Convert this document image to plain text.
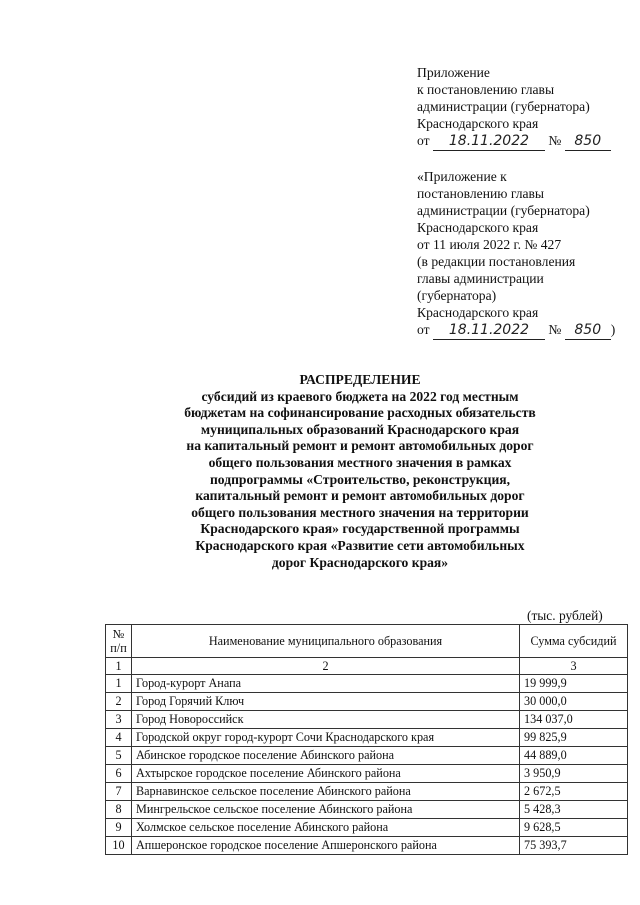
Приложение
к постановлению главы
администрации (губернатора)
Краснодарского края
от 18.11.2022 № 850
«Приложение к
постановлению главы
администрации (губернатора)
Краснодарского края
от 11 июля 2022 г. № 427
(в редакции постановления
главы администрации
(губернатора)
Краснодарского края
от 18.11.2022 № 850 )
РАСПРЕДЕЛЕНИЕ
субсидий из краевого бюджета на 2022 год местным
бюджетам на софинансирование расходных обязательств
муниципальных образований Краснодарского края
на капитальный ремонт и ремонт автомобильных дорог
общего пользования местного значения в рамках
подпрограммы «Строительство, реконструкция,
капитальный ремонт и ремонт автомобильных дорог
общего пользования местного значения на территории
Краснодарского края» государственной программы
Краснодарского края «Развитие сети автомобильных
дорог Краснодарского края»
(тыс. рублей)
№
п/п	Наименование муниципального образования	Сумма субсидий
1	2	3
1	Город-курорт Анапа	19 999,9
2	Город Горячий Ключ	30 000,0
3	Город Новороссийск	134 037,0
4	Городской округ город-курорт Сочи Краснодарского края	99 825,9
5	Абинское городское поселение Абинского района	44 889,0
6	Ахтырское городское поселение Абинского района	3 950,9
7	Варнавинское сельское поселение Абинского района	2 672,5
8	Мингрельское сельское поселение Абинского района	5 428,3
9	Холмское сельское поселение Абинского района	9 628,5
10	Апшеронское городское поселение Апшеронского района	75 393,7
